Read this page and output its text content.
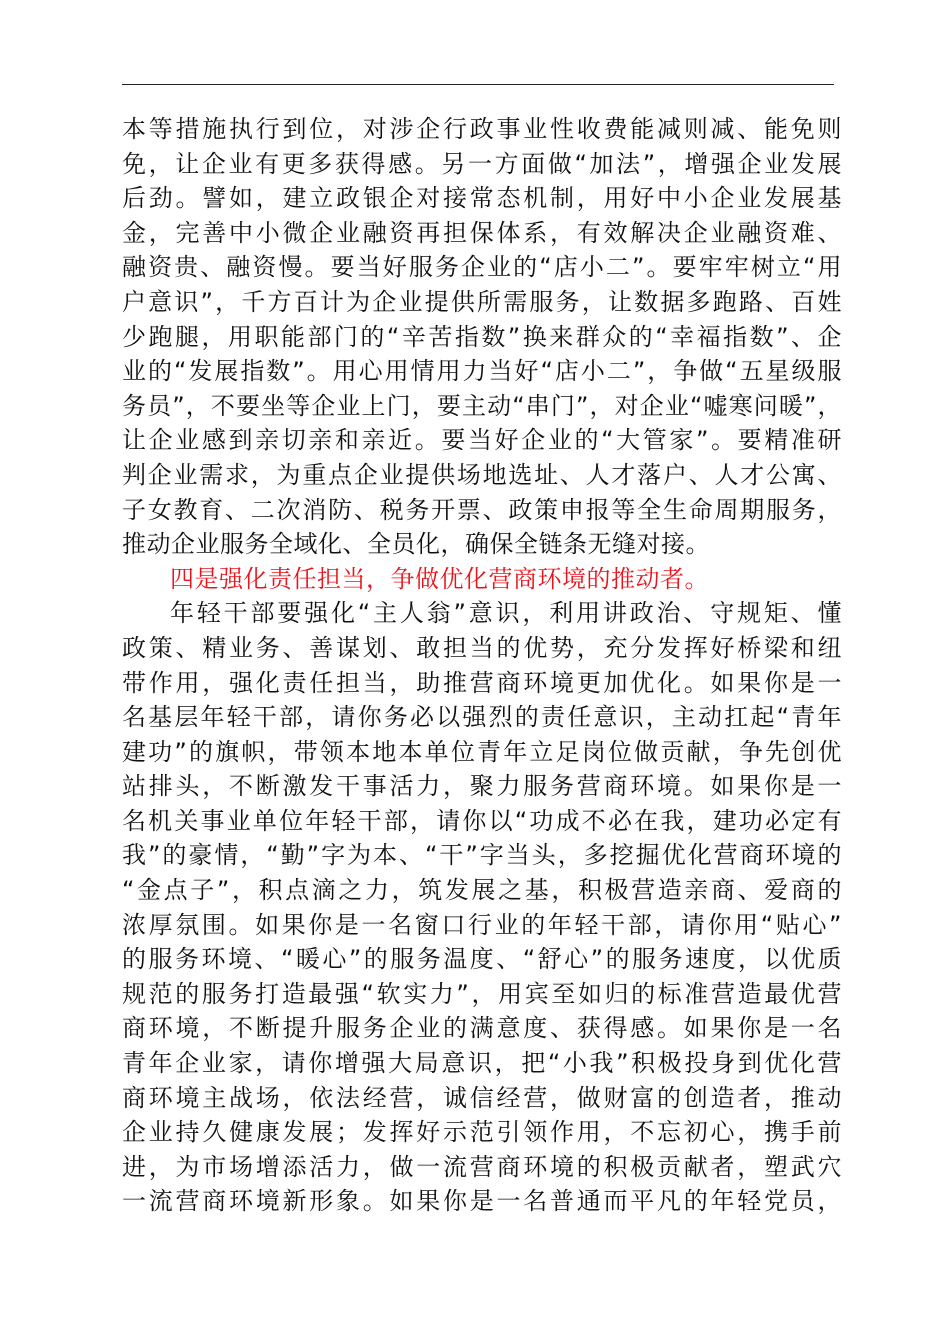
本等措施执行到位，对涉企行政事业性收费能减则减、能免则
免，让企业有更多获得感。另一方面做“加法”，增强企业发展
后劲。譬如，建立政银企对接常态机制，用好中小企业发展基
金，完善中小微企业融资再担保体系，有效解决企业融资难、
融资贵、融资慢。要当好服务企业的“店小二”。要牢牢树立“用
户意识”，千方百计为企业提供所需服务，让数据多跑路、百姓
少跑腿，用职能部门的“辛苦指数”换来群众的“幸福指数”、企
业的“发展指数”。用心用情用力当好“店小二”，争做“五星级服
务员”，不要坐等企业上门，要主动“串门”，对企业“嘘寒问暖”，
让企业感到亲切亲和亲近。要当好企业的“大管家”。要精准研
判企业需求，为重点企业提供场地选址、人才落户、人才公寓、
子女教育、二次消防、税务开票、政策申报等全生命周期服务，
推动企业服务全域化、全员化，确保全链条无缝对接。
四是强化责任担当，争做优化营商环境的推动者。
年轻干部要强化“主人翁”意识，利用讲政治、守规矩、懂
政策、精业务、善谋划、敢担当的优势，充分发挥好桥梁和纽
带作用，强化责任担当，助推营商环境更加优化。如果你是一
名基层年轻干部，请你务必以强烈的责任意识，主动扛起“青年
建功”的旗帜，带领本地本单位青年立足岗位做贡献，争先创优
站排头，不断激发干事活力，聚力服务营商环境。如果你是一
名机关事业单位年轻干部，请你以“功成不必在我，建功必定有
我”的豪情，“勤”字为本、“干”字当头，多挖掘优化营商环境的
“金点子”，积点滴之力，筑发展之基，积极营造亲商、爱商的
浓厚氛围。如果你是一名窗口行业的年轻干部，请你用“贴心”
的服务环境、“暖心”的服务温度、“舒心”的服务速度，以优质
规范的服务打造最强“软实力”，用宾至如归的标准营造最优营
商环境，不断提升服务企业的满意度、获得感。如果你是一名
青年企业家，请你增强大局意识，把“小我”积极投身到优化营
商环境主战场，依法经营，诚信经营，做财富的创造者，推动
企业持久健康发展；发挥好示范引领作用，不忘初心，携手前
进，为市场增添活力，做一流营商环境的积极贡献者，塑武穴
一流营商环境新形象。如果你是一名普通而平凡的年轻党员，
